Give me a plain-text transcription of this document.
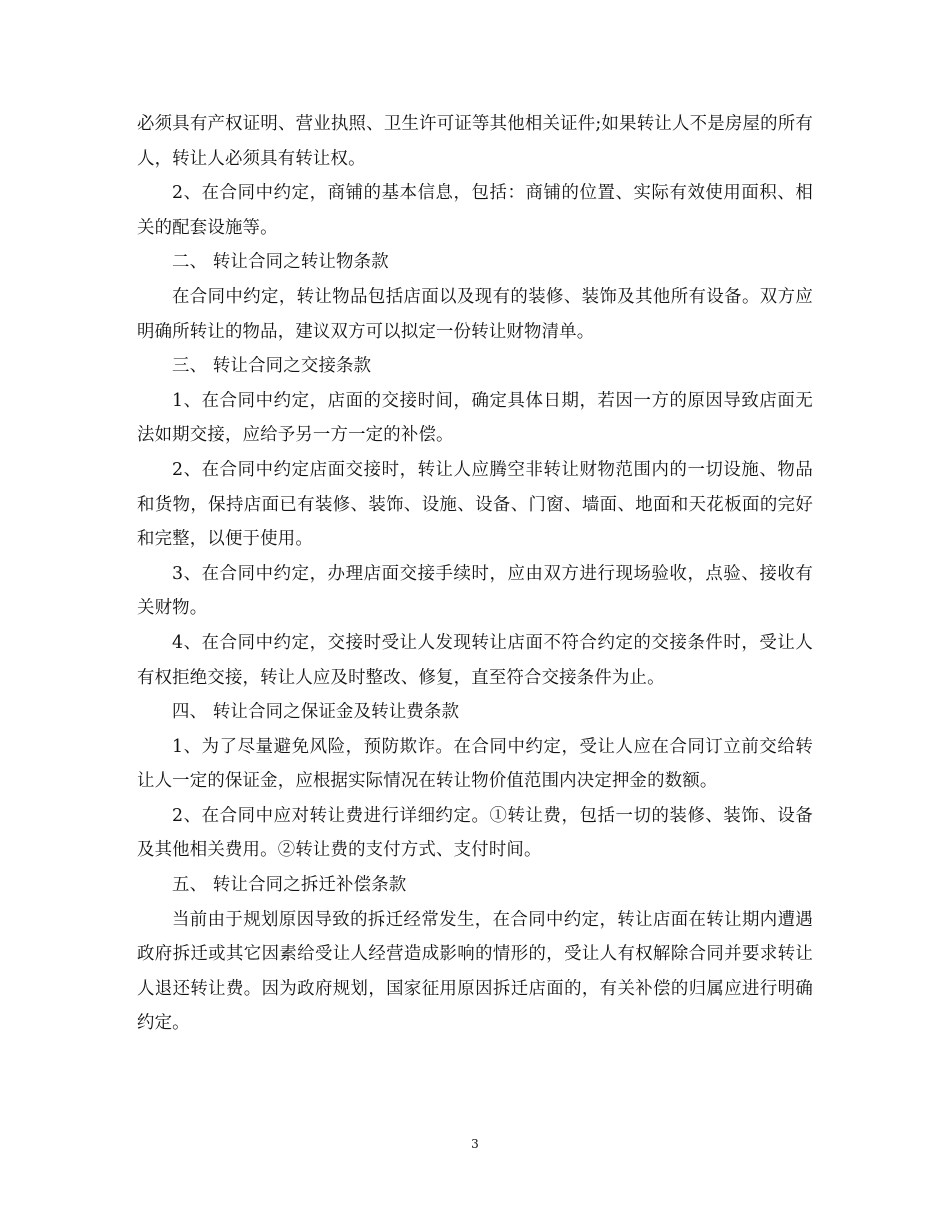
必须具有产权证明、营业执照、卫生许可证等其他相关证件;如果转让人不是房屋的所有人，转让人必须具有转让权。

2、在合同中约定，商铺的基本信息，包括：商铺的位置、实际有效使用面积、相关的配套设施等。

二、 转让合同之转让物条款

在合同中约定，转让物品包括店面以及现有的装修、装饰及其他所有设备。双方应明确所转让的物品，建议双方可以拟定一份转让财物清单。

三、 转让合同之交接条款

1、在合同中约定，店面的交接时间，确定具体日期，若因一方的原因导致店面无法如期交接，应给予另一方一定的补偿。

2、在合同中约定店面交接时，转让人应腾空非转让财物范围内的一切设施、物品和货物，保持店面已有装修、装饰、设施、设备、门窗、墙面、地面和天花板面的完好和完整，以便于使用。

3、在合同中约定，办理店面交接手续时，应由双方进行现场验收，点验、接收有关财物。

4、在合同中约定，交接时受让人发现转让店面不符合约定的交接条件时，受让人有权拒绝交接，转让人应及时整改、修复，直至符合交接条件为止。

四、 转让合同之保证金及转让费条款

1、为了尽量避免风险，预防欺诈。在合同中约定，受让人应在合同订立前交给转让人一定的保证金，应根据实际情况在转让物价值范围内决定押金的数额。

2、在合同中应对转让费进行详细约定。①转让费，包括一切的装修、装饰、设备及其他相关费用。②转让费的支付方式、支付时间。

五、 转让合同之拆迁补偿条款

当前由于规划原因导致的拆迁经常发生，在合同中约定，转让店面在转让期内遭遇政府拆迁或其它因素给受让人经营造成影响的情形的，受让人有权解除合同并要求转让人退还转让费。因为政府规划，国家征用原因拆迁店面的，有关补偿的归属应进行明确约定。

3
